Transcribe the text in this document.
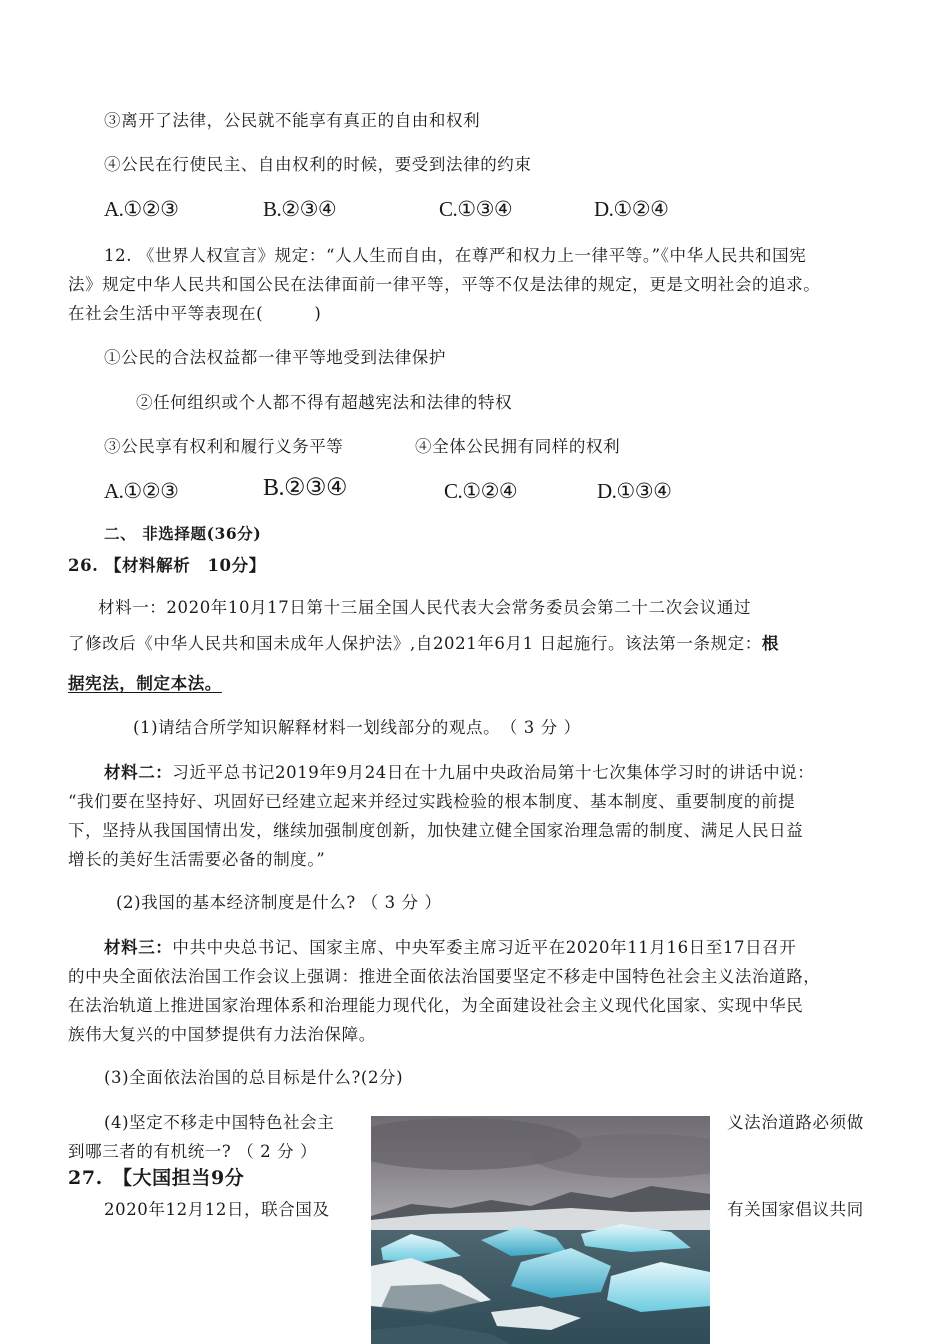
③离开了法律，公民就不能享有真正的自由和权利
④公民在行使民主、自由权利的时候，要受到法律的约束
A.①②③	B.②③④	C.①③④	D.①②④
12. 《世界人权宣言》规定：“人人生而自由，在尊严和权力上一律平等。”《中华人民共和国宪
法》规定中华人民共和国公民在法律面前一律平等，平等不仅是法律的规定，更是文明社会的追求。
在社会生活中平等表现在(　　　)
①公民的合法权益都一律平等地受到法律保护
②任何组织或个人都不得有超越宪法和法律的特权
③公民享有权利和履行义务平等	④全体公民拥有同样的权利
A.①②③	B.②③④	C.①②④	D.①③④
二、 非选择题(36分)
26. 【材料解析　10分】
材料一：2020年10月17日第十三届全国人民代表大会常务委员会第二十二次会议通过
了修改后《中华人民共和国未成年人保护法》,自2021年6月1 日起施行。该法第一条规定：根
据宪法，制定本法。
(1)请结合所学知识解释材料一划线部分的观点。　（ 3 分 ）
材料二：习近平总书记2019年9月24日在十九届中央政治局第十七次集体学习时的讲话中说：
“我们要在坚持好、巩固好已经建立起来并经过实践检验的根本制度、基本制度、重要制度的前提
下，坚持从我国国情出发，继续加强制度创新，加快建立健全国家治理急需的制度、满足人民日益
增长的美好生活需要必备的制度。”
(2)我国的基本经济制度是什么? （ 3 分 ）
材料三：中共中央总书记、国家主席、中央军委主席习近平在2020年11月16日至17日召开
的中央全面依法治国工作会议上强调：推进全面依法治国要坚定不移走中国特色社会主义法治道路，
在法治轨道上推进国家治理体系和治理能力现代化，为全面建设社会主义现代化国家、实现中华民
族伟大复兴的中国梦提供有力法治保障。
(3)全面依法治国的总目标是什么?(2分)
(4)坚定不移走中国特色社会主	义法治道路必须做
到哪三者的有机统一? （ 2 分 ）
27.　【大国担当9分
2020年12月12日，联合国及	有关国家倡议共同
